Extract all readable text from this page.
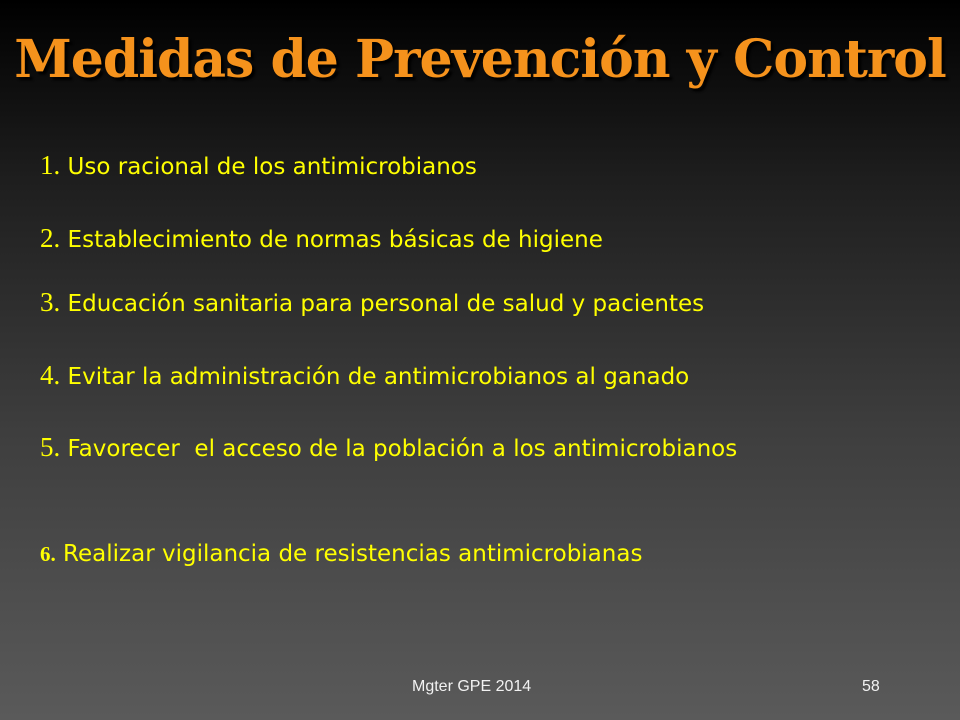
Medidas de Prevención y Control

1. Uso racional de los antimicrobianos

2. Establecimiento de normas básicas de higiene

3. Educación sanitaria para personal de salud y pacientes

4. Evitar la administración de antimicrobianos al ganado

5. Favorecer  el acceso de la población a los antimicrobianos

6. Realizar vigilancia de resistencias antimicrobianas

Mgter GPE 2014	58
